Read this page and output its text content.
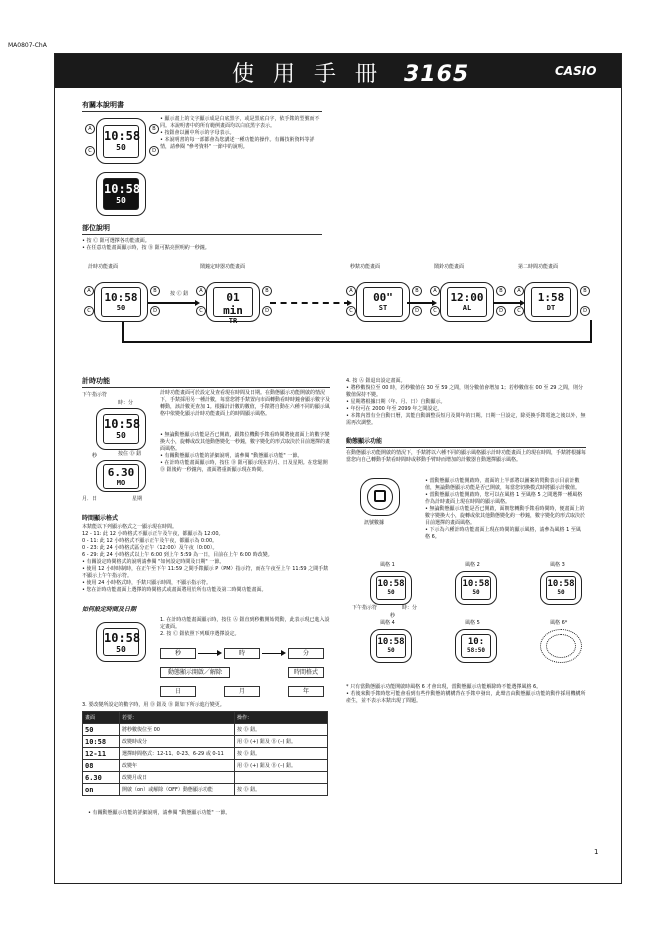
MA0807-ChA
使 用 手 冊 3165	CASIO
有關本說明書
10:58
50
A
C
B
D
10:58
50
• 顯示畫上的文字顯示成是白底黑字，或是黑底白字，依手錶的型號而不同。本說明書中的所有範例畫面均以白底黑字表示。
• 按鈕會以圖中所示的字母表示。
• 本說明書的每一部都會為您講述一種功能的操作。有關技術資料等詳情，請參閱 "參考資料" 一節中的說明。
部位說明
• 按 Ⓒ 鈕可選擇各功能畫面。
• 在任意功能畫面顯示時，按 Ⓑ 鈕可點亮照明約一秒鐘。
計時功能畫面
10:58
50
A
C
B
D
鬧鐘定時器功能畫面
01 min
TR
A
C
B
D
秒錶功能畫面
00"
ST
A
C
B
D
鬧鈴功能畫面
12:00
AL
A
C
B
D
第二時間功能畫面
1:58
DT
A
C
B
D
按 Ⓒ 鈕
計時功能
下午指示符
時：分
10:58
50
秒	按住 Ⓓ 鈕
6.30
MO
月．日	星期
計時功能畫面可於設定及查看現在時間及日期。在動態顯示功能開啟的情況下，手錶採用另一種計數，每當您將手錶置向市面轉動看時時鐘會顯示數字及轉動，該計數更查加 1。根據計計數的數值，手錶將自動在六種不同的顯示風格中依變化顯示計時功能畫面上的時間顯示風格。
• 無論動態顯示功能是否已開啟，跟錶位機動手錶看時間將使畫面上的數字變換大小，旋轉或改其他動態變化一秒鐘，數字變化的形式取決於目前選擇的畫面風格。
• 有關動態顯示功能的詳細說明，請參閱 "動態顯示功能" 一節。
• 在計時功能畫面顯示時，按住 Ⓓ 鈕可顯示現在的月、日及星期。在您鬆開 Ⓓ 鈕後約一秒鐘內，畫面將重新顯示現在時間。
時間顯示格式
本錶能以下列顯示格式之一顯示現在時間。
12 - 11: 此 12 小時格式不顯示正午及午夜，都顯示為 12:00。
0 - 11: 此 12 小時格式不顯示正午及午夜，都顯示為 0:00。
0 - 23: 此 24 小時格式區分正午（12:00）及午夜（0:00）。
6 - 29: 此 24 小時格式以上午 6:00 到上午 5:59 為一日，目前在上午 6:00 時改變。
• 有關設定時間格式的說明請參閱 "如何設定時間及日期" 一節。
• 使用 12 小時時制時，在正午至下午 11:59 之間手錶顯示 P（PM）指示符，而在午夜至上午 11:59 之間手錶不顯示上午午指示符。
• 使用 24 小時格式時，手錶只顯示時間，不顯示指示符。
• 您在計時功能畫面上選擇的時間格式或畫面將用於所有功能及第二時間功能畫面。
如何設定時間及日期
10:58
50
1. 在計時功能畫面顯示時，按住 Ⓐ 鈕直到秒數開始閃動，此表示現已進入設定畫面。
2. 按 Ⓒ 鈕依照下列順序選擇設定。
秒	時	分
動態顯示開啟／解除	時間格式
日	月	年
3. 要改變所設定的數字時，用 Ⓓ 鈕及 Ⓑ 鈕如下所示進行變更。
畫面	若要：	操作：
50	將秒數復位至 00	按 Ⓓ 鈕。
10:58	改變時或分	用 Ⓓ (+) 鈕及 Ⓑ (–) 鈕。
12-11	選擇時間格式：12-11、0-23、6-29 或 0-11	按 Ⓓ 鈕。
08	改變年	用 Ⓓ (+) 鈕及 Ⓑ (–) 鈕。
6.30	改變月或日	
on	開啟（on）或解除（OFF）動態顯示功能	按 Ⓓ 鈕。
• 有關動態顯示功能的詳細說明，請參閱 "動態顯示功能" 一節。
4. 按 Ⓐ 鈕退出設定畫面。
• 將秒數復位至 00 時，若秒數值在 30 至 59 之間，則分數值會增加 1；若秒數值在 00 至 29 之間，則分數值保持不變。
• 星期將根據日期（年、月、日）自動顯示。
• 年份可在 2000 年至 2099 年之間設定。
• 本錶內置有全自動日曆，其能自動調整長短月及閏年的日期。日期一旦設定，除更換手錶電池之後以外，無需再次調整。
動態顯示功能
在動態顯示功能開啟的情況下，手錶將以六種不同的顯示風格顯示計時功能畫面上的現在時間，手錶將根據每當您向自己轉動手錶看時間時或移動手臂時而增加的計數器自動選擇顯示風格。
訊號數據
• 當動態顯示功能開啟時，畫面的上半部將以圖案的閃動表示目前計數值，無論動態顯示功能是否已開啟，每當您切換模式時將顯示計數值。
• 當動態顯示功能開啟時，您可以在風格 1 至風格 5 之間選擇一種風格作為計時畫面上現在時間的顯示風格。
• 無論動態顯示功能是否已開啟，面朝您轉動手錶看時間時，便畫面上的數字變換大小，旋轉或依其他動態變化約一秒鐘，數字變化的形式取決於目前選擇的畫面風格。
• 下示為六種計時功能畫面上現在時間的顯示風格，請參為風格 1 至風格 6。
風格 1
10:58
50
風格 2
10:58
50
風格 3
10:58
50
風格 4
10:58
50
風格 5
10:
58:50
風格 6*
下午指示符	時：分
秒
* 只有當動態顯示功能開啟時風格 6 才會出現，當動態顯示功能解除時不能選擇風格 6。
• 若後來動手錶時您可能會看到有些作動態的構構背在手錶中發出，此聲音由動態顯示功能的動作採用機構所產生，並不表示本錶出現了問題。
1
